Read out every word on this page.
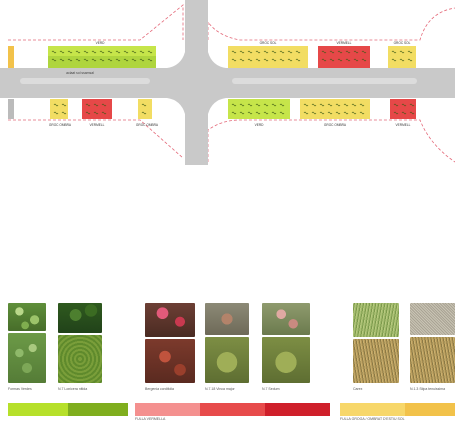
aclaat sol ssamsal
VERD	GROC SOL	VERMELL	GROC SOL
GROC OMBRA	VERMELL	GROC OMBRA	VERD	GROC OMBRA	VERMELL
Formas Verdes	N.7 Lonicera nitida	Bergenia cordifolia	N.7.18 Vinca major	N.7 Sedum	Carex	N.1.3 Stipa tenuissima
FULLA VERMELLA	FULLA GROGA / OMBRAT D'ESTIU SOL
